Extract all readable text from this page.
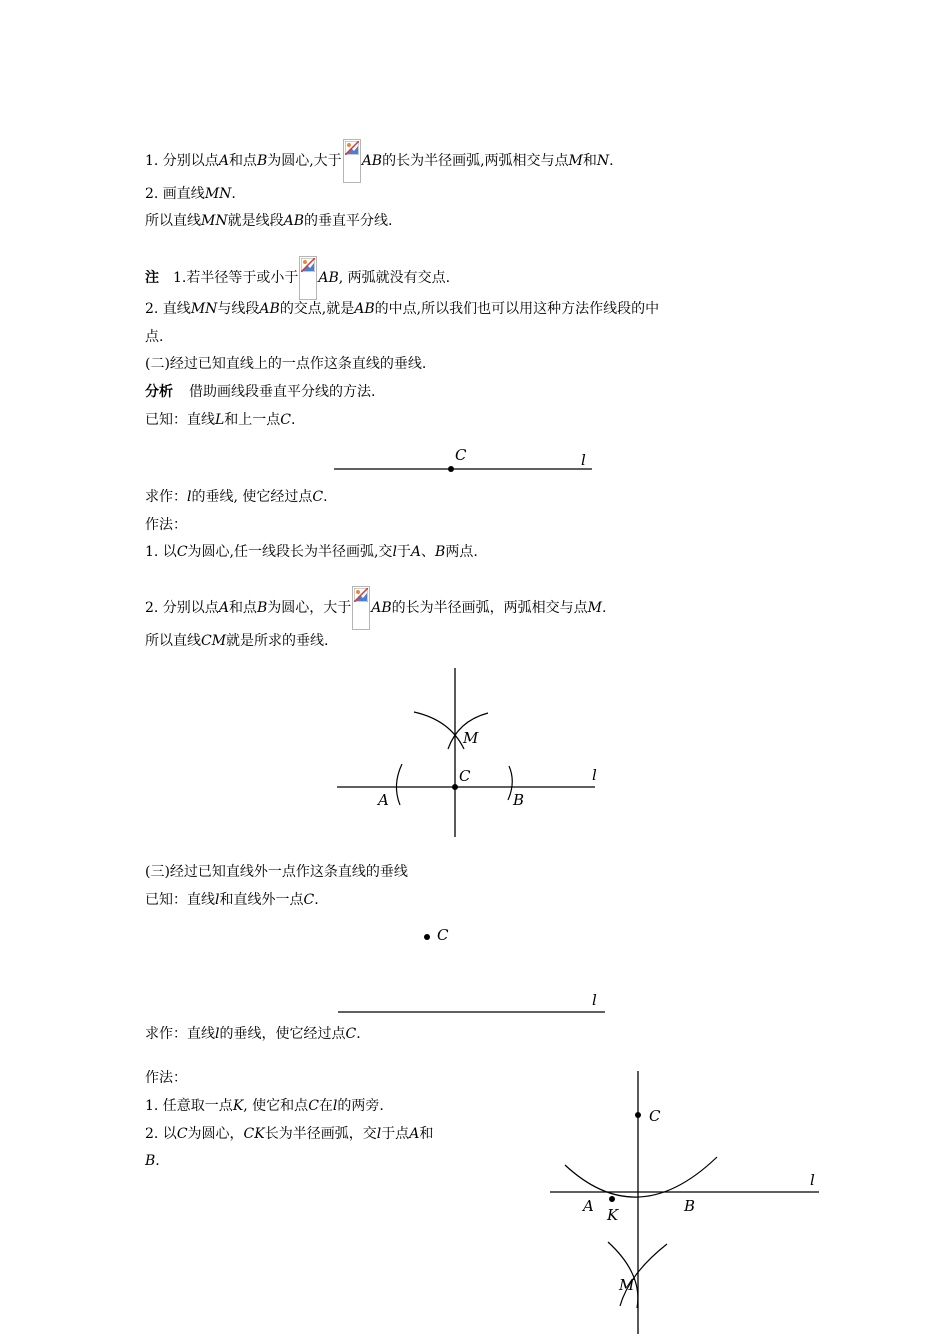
1. 分别以点A和点B为圆心,大于 AB的长为半径画弧,两弧相交与点M和N.
2. 画直线MN.
所以直线MN就是线段AB的垂直平分线.
注 1.若半径等于或小于 AB, 两弧就没有交点.
2. 直线MN与线段AB的交点,就是AB的中点,所以我们也可以用这种方法作线段的中
点.
(二)经过已知直线上的一点作这条直线的垂线.
分析 借助画线段垂直平分线的方法.
已知：直线L和上一点C.
C	l
求作：l的垂线, 使它经过点C.
作法：
1. 以C为圆心,任一线段长为半径画弧,交l于A、B两点.
2. 分别以点A和点B为圆心，大于 AB的长为半径画弧，两弧相交与点M.
所以直线CM就是所求的垂线.
M
C	l
A	B
(三)经过已知直线外一点作这条直线的垂线
已知：直线l和直线外一点C.
C
l
求作：直线l的垂线，使它经过点C.
作法：
1. 任意取一点K, 使它和点C在l的两旁.
2. 以C为圆心，CK长为半径画弧，交l于点A和
B.
C
l
A K	B
M
